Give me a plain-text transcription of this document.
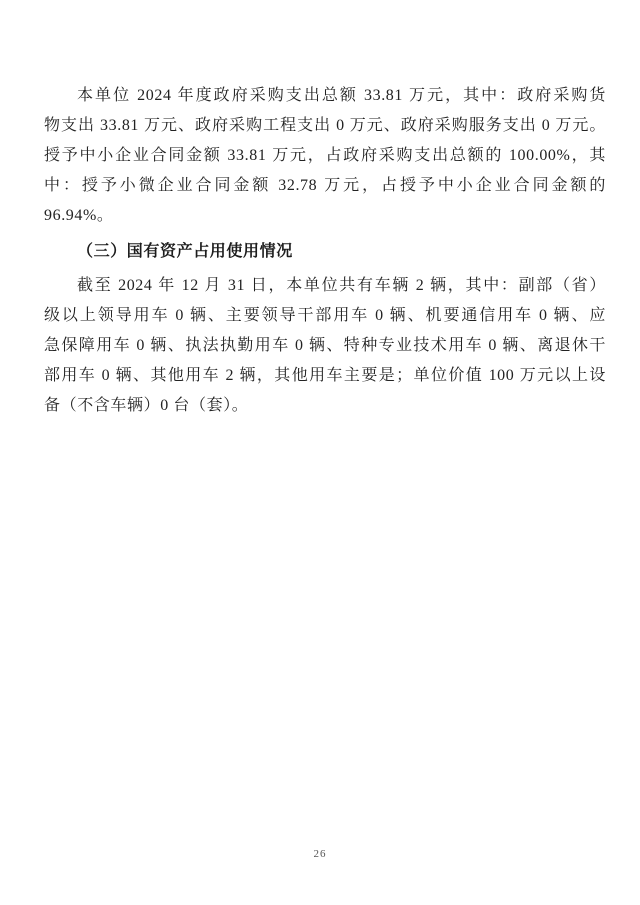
本单位 2024 年度政府采购支出总额 33.81 万元，其中：政府采购货
物支出 33.81 万元、政府采购工程支出 0 万元、政府采购服务支出 0 万元。
授予中小企业合同金额 33.81 万元，占政府采购支出总额的 100.00%，其
中：授予小微企业合同金额 32.78 万元，占授予中小企业合同金额的
96.94%。
（三）国有资产占用使用情况
截至 2024 年 12 月 31 日，本单位共有车辆 2 辆，其中：副部（省）
级以上领导用车 0 辆、主要领导干部用车 0 辆、机要通信用车 0 辆、应
急保障用车 0 辆、执法执勤用车 0 辆、特种专业技术用车 0 辆、离退休干
部用车 0 辆、其他用车 2 辆，其他用车主要是；单位价值 100 万元以上设
备（不含车辆）0 台（套）。
26
